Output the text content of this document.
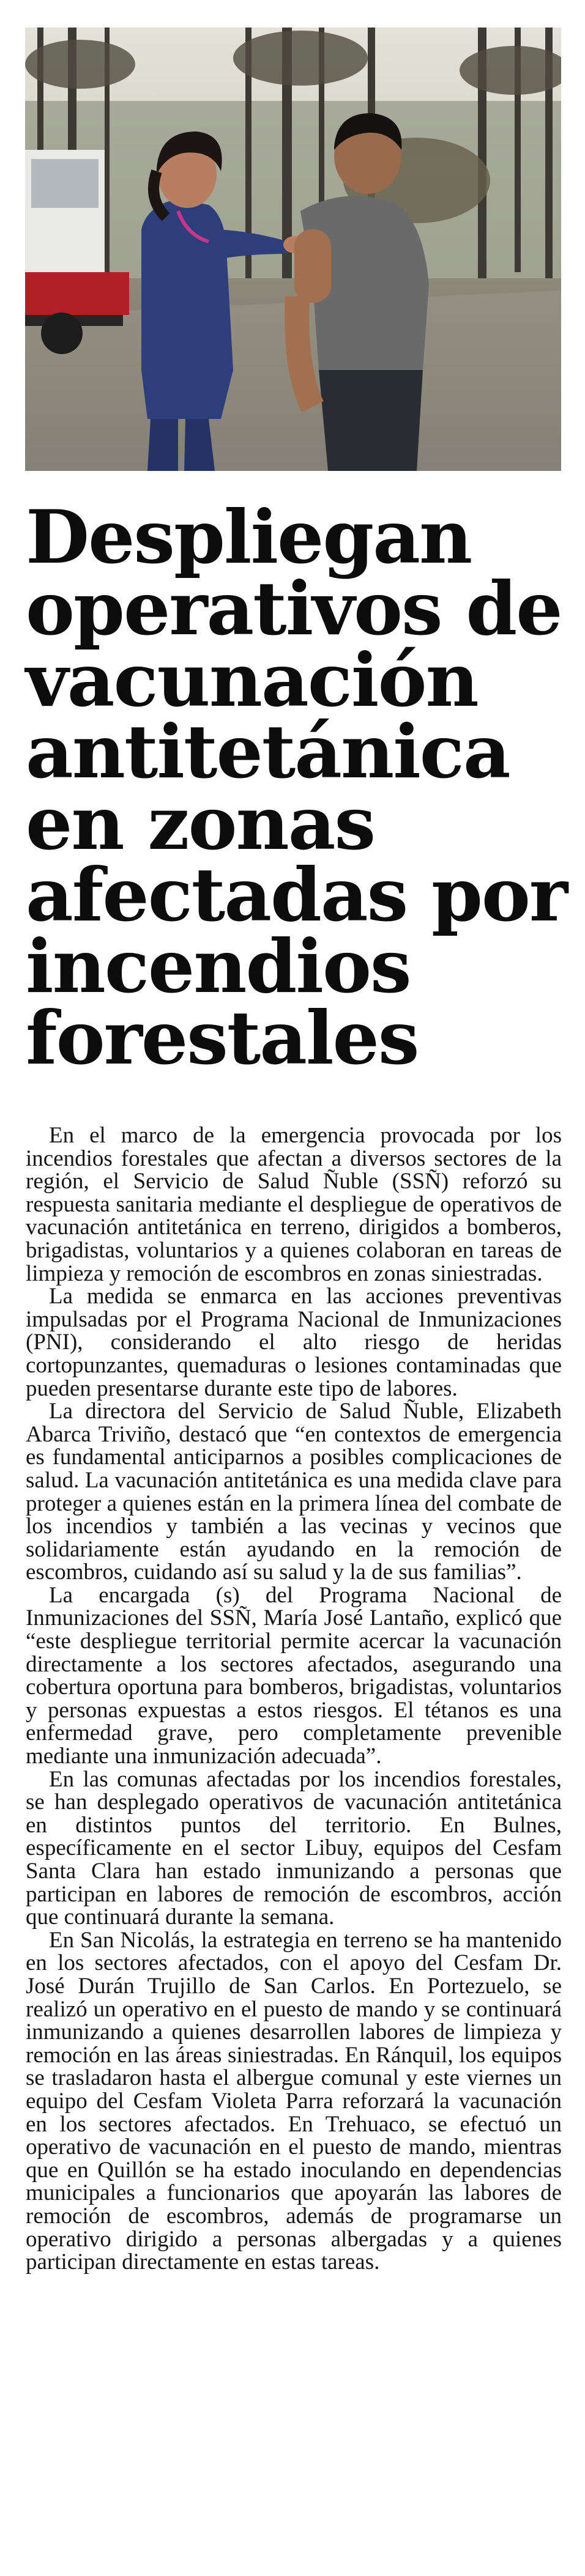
Despliegan operativos de vacunación antitetánica en zonas afectadas por incendios forestales

En el marco de la emergencia provocada por los incendios forestales que afectan a diversos sectores de la región, el Servicio de Salud Ñuble (SSÑ) reforzó su respuesta sanitaria mediante el despliegue de operativos de vacunación antitetánica en terreno, dirigidos a bomberos, brigadistas, voluntarios y a quienes colaboran en tareas de limpieza y remoción de escombros en zonas siniestradas.

La medida se enmarca en las acciones preventivas impulsadas por el Programa Nacional de Inmunizaciones (PNI), considerando el alto riesgo de heridas cortopunzantes, quemaduras o lesiones contaminadas que pueden presentarse durante este tipo de labores.

La directora del Servicio de Salud Ñuble, Elizabeth Abarca Triviño, destacó que “en contextos de emergencia es fundamental anticiparnos a posibles complicaciones de salud. La vacunación antitetánica es una medida clave para proteger a quienes están en la primera línea del combate de los incendios y también a las vecinas y vecinos que solidariamente están ayudando en la remoción de escombros, cuidando así su salud y la de sus familias”.

La encargada (s) del Programa Nacional de Inmunizaciones del SSÑ, María José Lantaño, explicó que “este despliegue territorial permite acercar la vacunación directamente a los sectores afectados, asegurando una cobertura oportuna para bomberos, brigadistas, voluntarios y personas expuestas a estos riesgos. El tétanos es una enfermedad grave, pero completamente prevenible mediante una inmunización adecuada”.

En las comunas afectadas por los incendios forestales, se han desplegado operativos de vacunación antitetánica en distintos puntos del territorio. En Bulnes, específicamente en el sector Libuy, equipos del Cesfam Santa Clara han estado inmunizando a personas que participan en labores de remoción de escombros, acción que continuará durante la semana.

En San Nicolás, la estrategia en terreno se ha mantenido en los sectores afectados, con el apoyo del Cesfam Dr. José Durán Trujillo de San Carlos. En Portezuelo, se realizó un operativo en el puesto de mando y se continuará inmunizando a quienes desarrollen labores de limpieza y remoción en las áreas siniestradas. En Ránquil, los equipos se trasladaron hasta el albergue comunal y este viernes un equipo del Cesfam Violeta Parra reforzará la vacunación en los sectores afectados. En Trehuaco, se efectuó un operativo de vacunación en el puesto de mando, mientras que en Quillón se ha estado inoculando en dependencias municipales a funcionarios que apoyarán las labores de remoción de escombros, además de programarse un operativo dirigido a personas albergadas y a quienes participan directamente en estas tareas.
